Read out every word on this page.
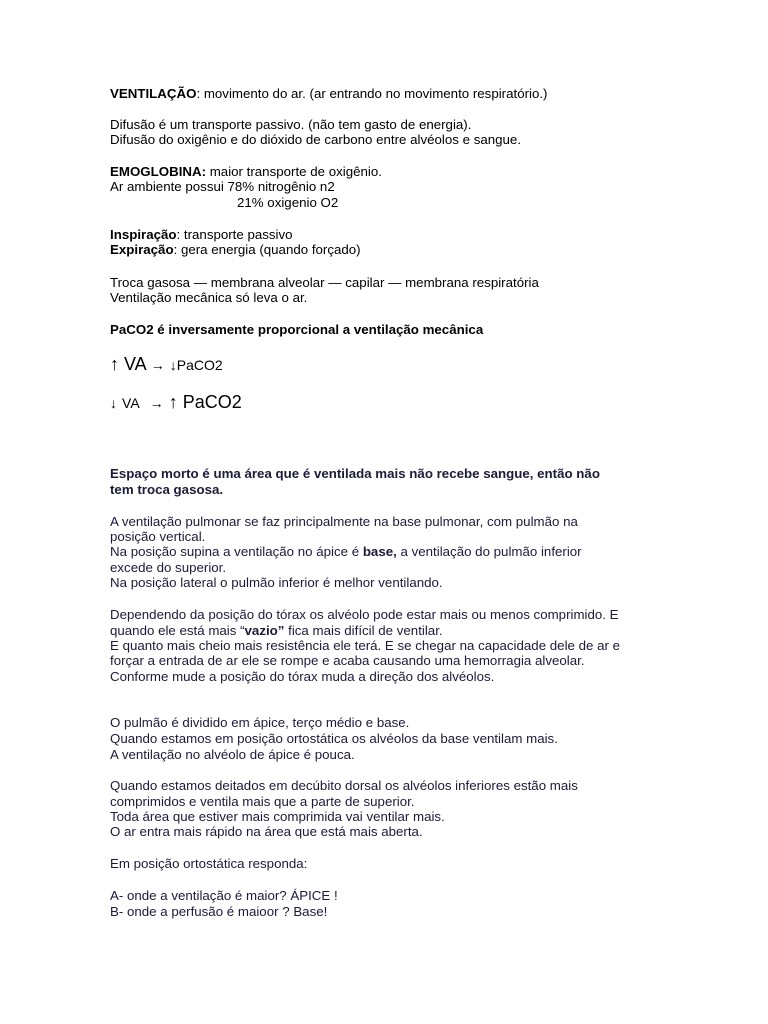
VENTILAÇÃO: movimento do ar. (ar entrando no movimento respiratório.)
Difusão é um transporte passivo. (não tem gasto de energia).
Difusão do oxigênio e do dióxido de carbono entre alvéolos e sangue.
EMOGLOBINA: maior transporte de oxigênio.
Ar ambiente possui 78% nitrogênio n2
21% oxigenio O2
Inspiração: transporte passivo
Expiração: gera energia (quando forçado)
Troca gasosa — membrana alveolar — capilar — membrana respiratória
Ventilação mecânica só leva o ar.
PaCO2 é inversamente proporcional a ventilação mecânica
↑ VA → ↓PaCO2
↓ VA → ↑ PaCO2
Espaço morto é uma área que é ventilada mais não recebe sangue, então não
tem troca gasosa.
A ventilação pulmonar se faz principalmente na base pulmonar, com pulmão na
posição vertical.
Na posição supina a ventilação no ápice é base, a ventilação do pulmão inferior
excede do superior.
Na posição lateral o pulmão inferior é melhor ventilando.
Dependendo da posição do tórax os alvéolo pode estar mais ou menos comprimido. E
quando ele está mais “vazio” fica mais difícil de ventilar.
E quanto mais cheio mais resistência ele terá. E se chegar na capacidade dele de ar e
forçar a entrada de ar ele se rompe e acaba causando uma hemorragia alveolar.
Conforme mude a posição do tórax muda a direção dos alvéolos.
O pulmão é dividido em ápice, terço médio e base.
Quando estamos em posição ortostática os alvéolos da base ventilam mais.
A ventilação no alvéolo de ápice é pouca.
Quando estamos deitados em decúbito dorsal os alvéolos inferiores estão mais
comprimidos e ventila mais que a parte de superior.
Toda área que estiver mais comprimida vai ventilar mais.
O ar entra mais rápido na área que está mais aberta.
Em posição ortostática responda:
A- onde a ventilação é maior? ÁPICE !
B- onde a perfusão é maioor ? Base!
